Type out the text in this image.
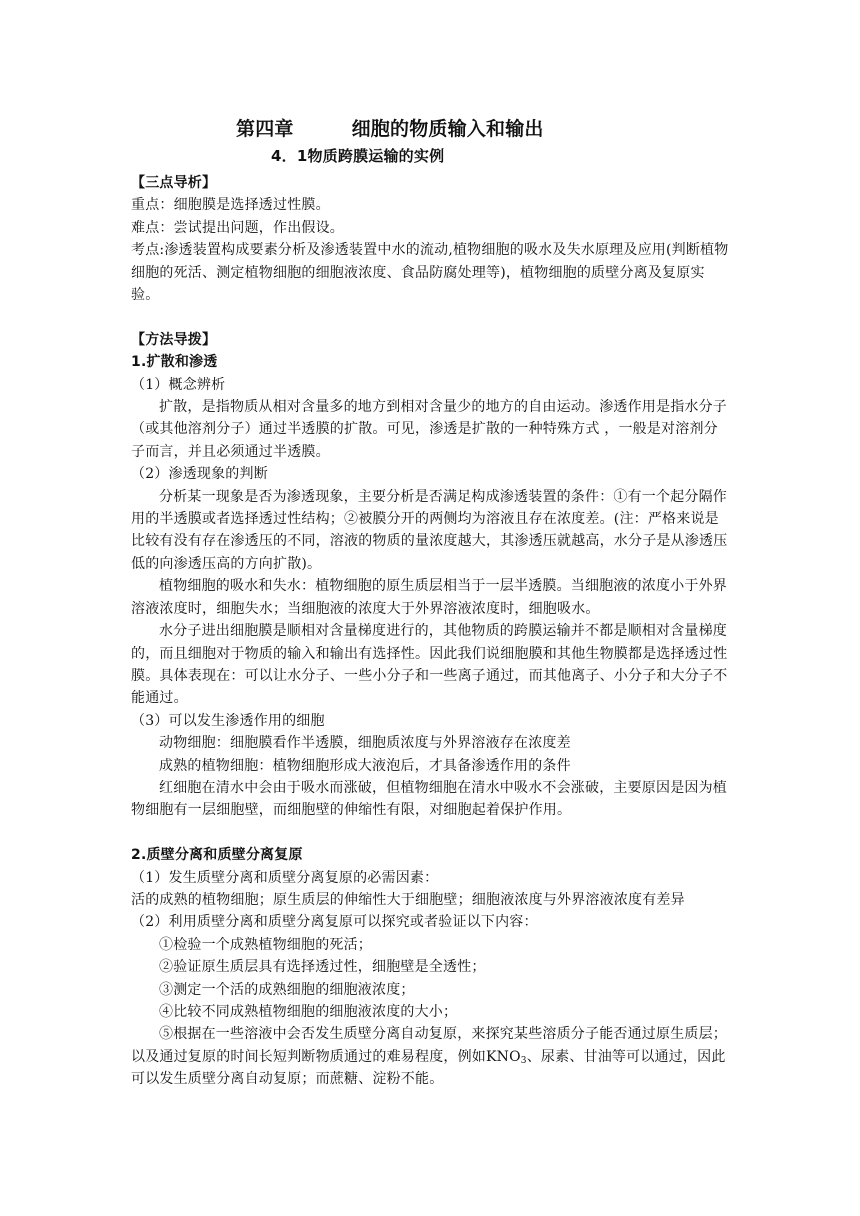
第四章	细胞的物质输入和输出
4．1物质跨膜运输的实例

【三点导析】

重点：细胞膜是选择透过性膜。

难点：尝试提出问题，作出假设。

考点:渗透装置构成要素分析及渗透装置中水的流动,植物细胞的吸水及失水原理及应用(判断植物细胞的死活、测定植物细胞的细胞液浓度、食品防腐处理等)，植物细胞的质壁分离及复原实验。

【方法导拨】

1.扩散和渗透

（1）概念辨析

扩散，是指物质从相对含量多的地方到相对含量少的地方的自由运动。渗透作用是指水分子（或其他溶剂分子）通过半透膜的扩散。可见，渗透是扩散的一种特殊方式 ，一般是对溶剂分子而言，并且必须通过半透膜。

（2）渗透现象的判断

分析某一现象是否为渗透现象，主要分析是否满足构成渗透装置的条件：①有一个起分隔作用的半透膜或者选择透过性结构；②被膜分开的两侧均为溶液且存在浓度差。(注：严格来说是比较有没有存在渗透压的不同，溶液的物质的量浓度越大，其渗透压就越高，水分子是从渗透压低的向渗透压高的方向扩散)。

植物细胞的吸水和失水：植物细胞的原生质层相当于一层半透膜。当细胞液的浓度小于外界溶液浓度时，细胞失水；当细胞液的浓度大于外界溶液浓度时，细胞吸水。

水分子进出细胞膜是顺相对含量梯度进行的，其他物质的跨膜运输并不都是顺相对含量梯度的，而且细胞对于物质的输入和输出有选择性。因此我们说细胞膜和其他生物膜都是选择透过性膜。具体表现在：可以让水分子、一些小分子和一些离子通过，而其他离子、小分子和大分子不能通过。

（3）可以发生渗透作用的细胞

动物细胞：细胞膜看作半透膜，细胞质浓度与外界溶液存在浓度差

成熟的植物细胞：植物细胞形成大液泡后，才具备渗透作用的条件

红细胞在清水中会由于吸水而涨破，但植物细胞在清水中吸水不会涨破，主要原因是因为植物细胞有一层细胞壁，而细胞壁的伸缩性有限，对细胞起着保护作用。

2.质壁分离和质壁分离复原

（1）发生质壁分离和质壁分离复原的必需因素：

活的成熟的植物细胞；原生质层的伸缩性大于细胞壁；细胞液浓度与外界溶液浓度有差异

（2）利用质壁分离和质壁分离复原可以探究或者验证以下内容：

①检验一个成熟植物细胞的死活；

②验证原生质层具有选择透过性，细胞壁是全透性；

③测定一个活的成熟细胞的细胞液浓度；

④比较不同成熟植物细胞的细胞液浓度的大小；

⑤根据在一些溶液中会否发生质壁分离自动复原，来探究某些溶质分子能否通过原生质层；以及通过复原的时间长短判断物质通过的难易程度，例如$KNO_3$、尿素、甘油等可以通过，因此可以发生质壁分离自动复原；而蔗糖、淀粉不能。
